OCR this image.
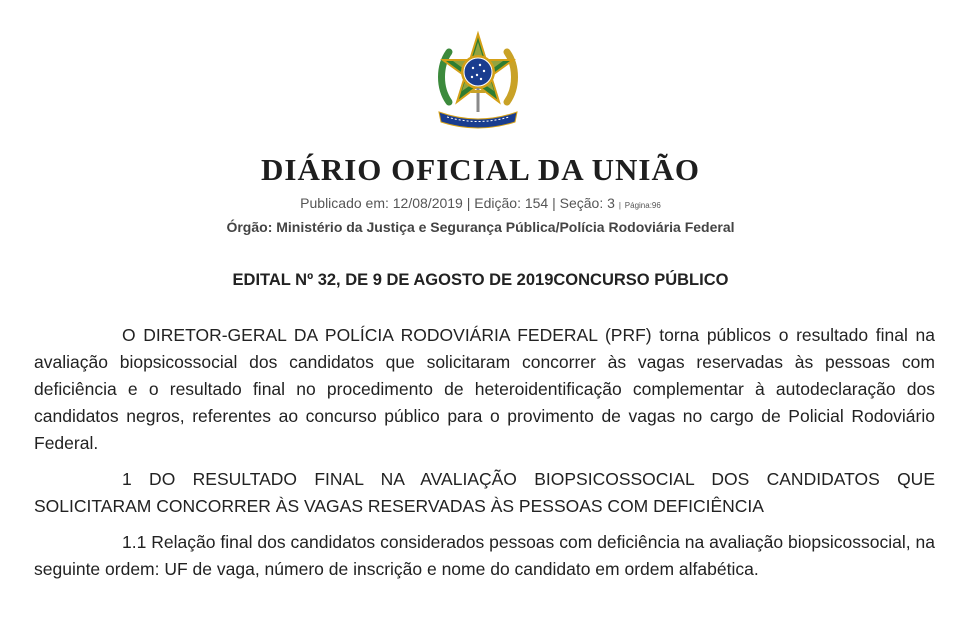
DIÁRIO OFICIAL DA UNIÃO
Publicado em: 12/08/2019 | Edição: 154 | Seção: 3 | Página:96
Órgão: Ministério da Justiça e Segurança Pública/Polícia Rodoviária Federal
EDITAL Nº 32, DE 9 DE AGOSTO DE 2019CONCURSO PÚBLICO

O DIRETOR-GERAL DA POLÍCIA RODOVIÁRIA FEDERAL (PRF) torna públicos o resultado final na avaliação biopsicossocial dos candidatos que solicitaram concorrer às vagas reservadas às pessoas com deficiência e o resultado final no procedimento de heteroidentificação complementar à autodeclaração dos candidatos negros, referentes ao concurso público para o provimento de vagas no cargo de Policial Rodoviário Federal.

1 DO RESULTADO FINAL NA AVALIAÇÃO BIOPSICOSSOCIAL DOS CANDIDATOS QUE SOLICITARAM CONCORRER ÀS VAGAS RESERVADAS ÀS PESSOAS COM DEFICIÊNCIA

1.1 Relação final dos candidatos considerados pessoas com deficiência na avaliação biopsicossocial, na seguinte ordem: UF de vaga, número de inscrição e nome do candidato em ordem alfabética.
